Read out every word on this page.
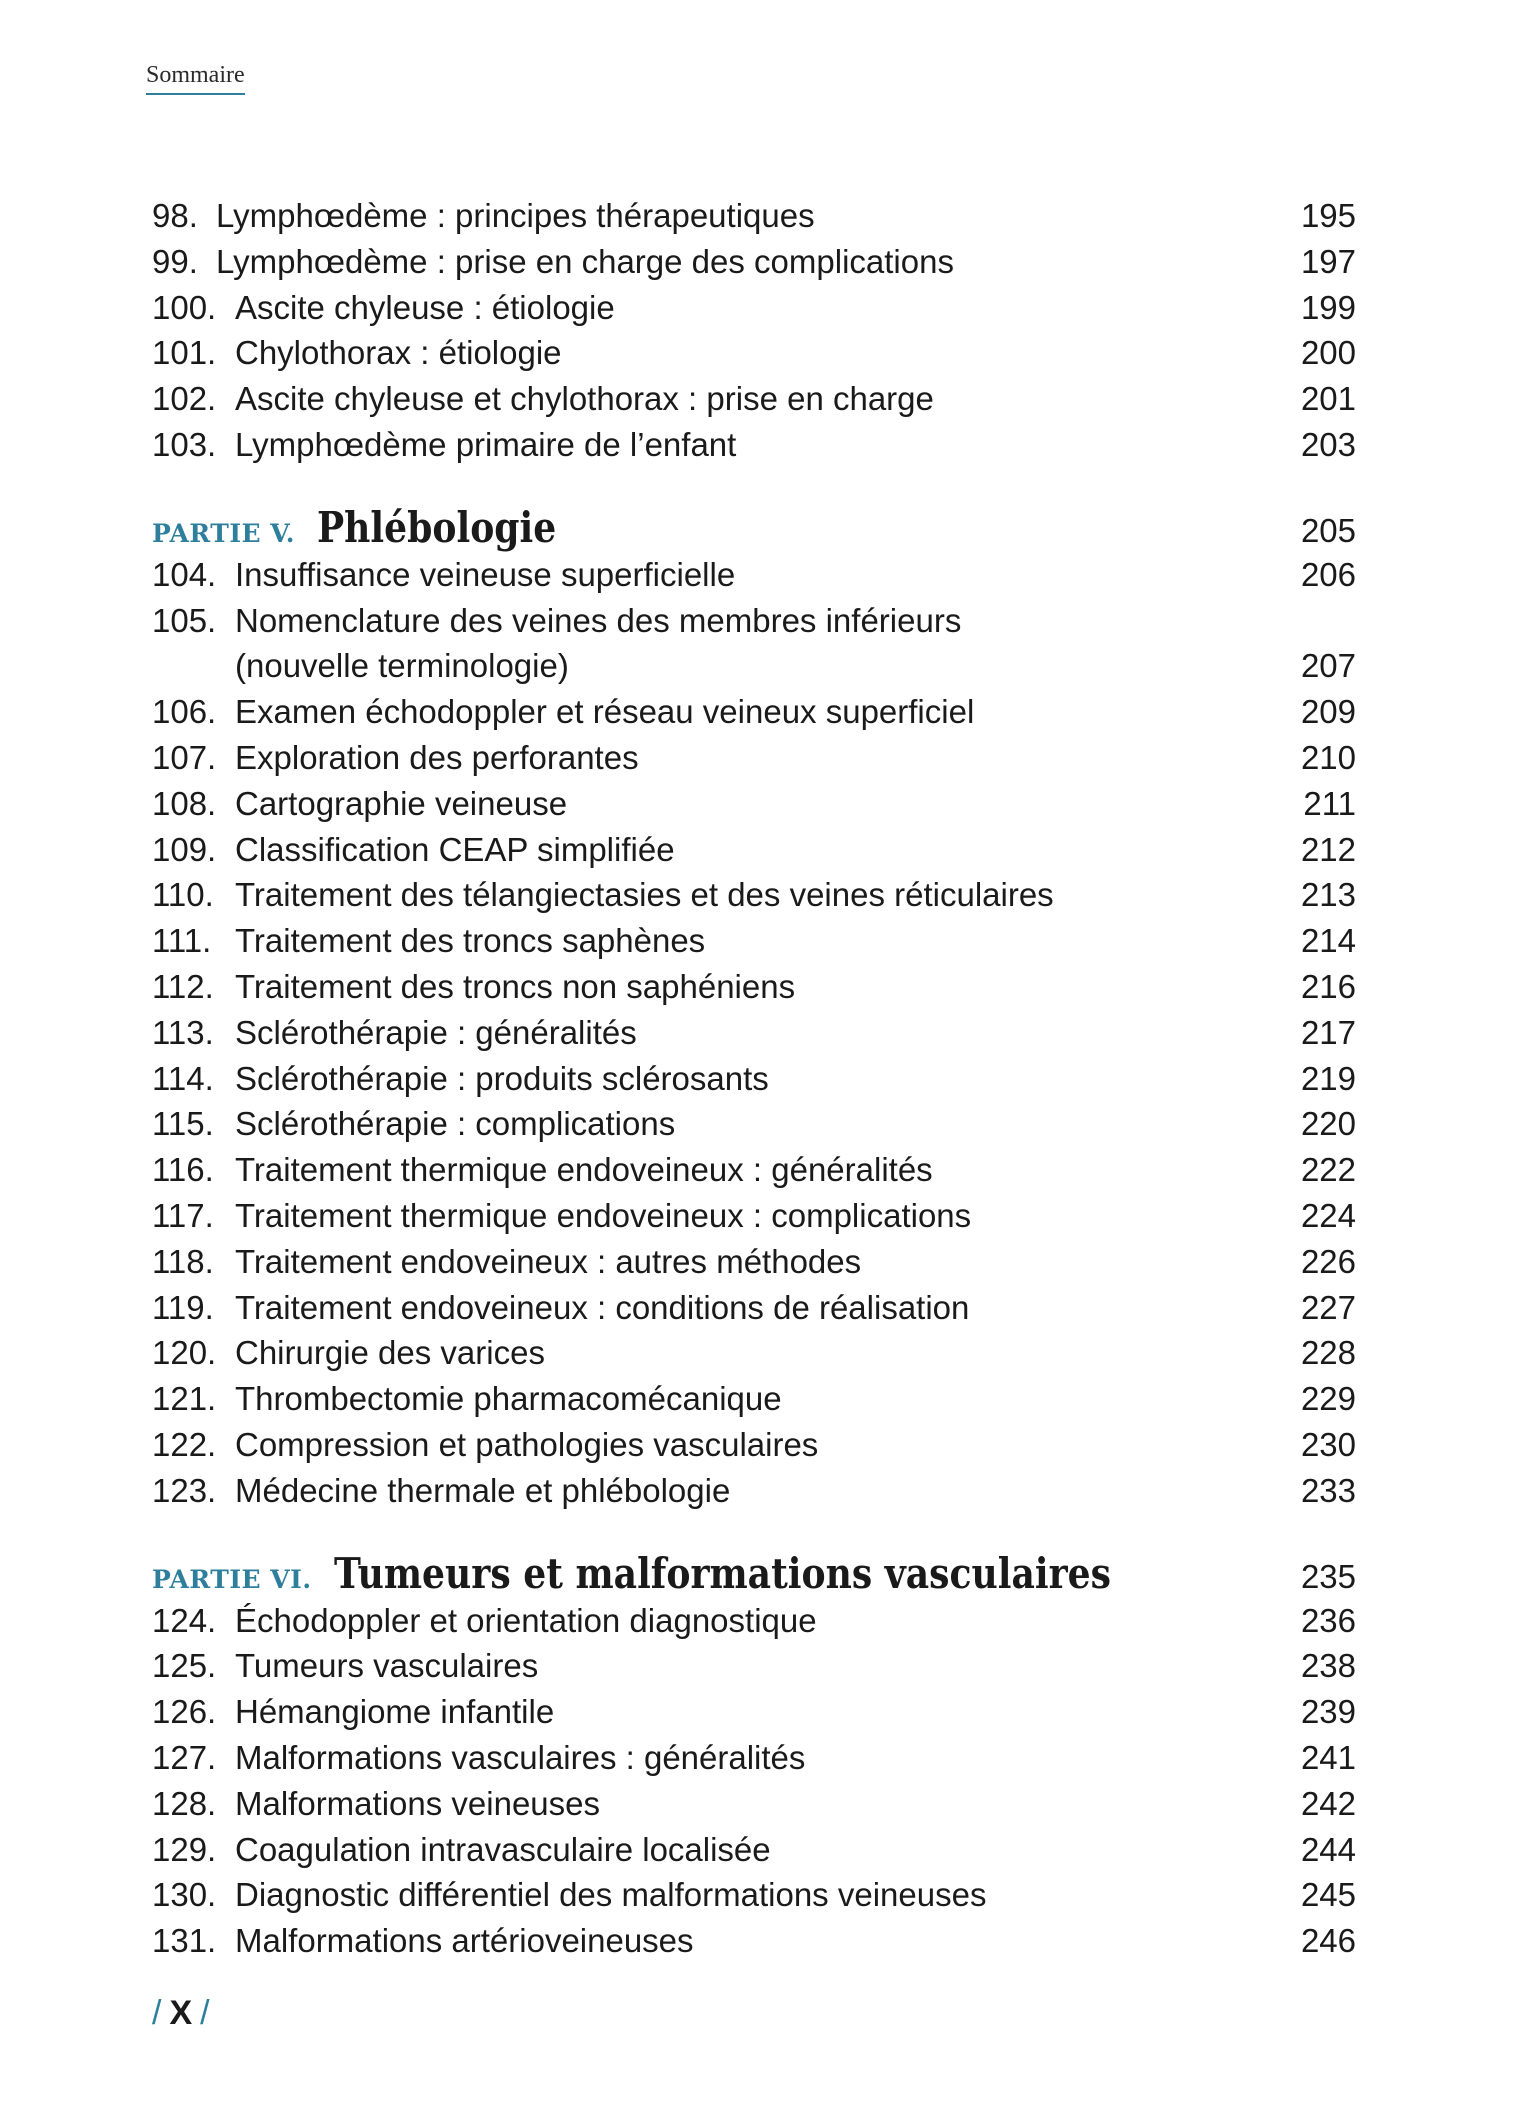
Sommaire
98. Lymphœdème : principes thérapeutiques	195
99. Lymphœdème : prise en charge des complications	197
100. Ascite chyleuse : étiologie	199
101. Chylothorax : étiologie	200
102. Ascite chyleuse et chylothorax : prise en charge	201
103. Lymphœdème primaire de l’enfant	203
PARTIE V. Phlébologie	205
104. Insuffisance veineuse superficielle	206
105. Nomenclature des veines des membres inférieurs
(nouvelle terminologie)	207
106. Examen échodoppler et réseau veineux superficiel	209
107. Exploration des perforantes	210
108. Cartographie veineuse	211
109. Classification CEAP simplifiée	212
110. Traitement des télangiectasies et des veines réticulaires	213
111. Traitement des troncs saphènes	214
112. Traitement des troncs non saphéniens	216
113. Sclérothérapie : généralités	217
114. Sclérothérapie : produits sclérosants	219
115. Sclérothérapie : complications	220
116. Traitement thermique endoveineux : généralités	222
117. Traitement thermique endoveineux : complications	224
118. Traitement endoveineux : autres méthodes	226
119. Traitement endoveineux : conditions de réalisation	227
120. Chirurgie des varices	228
121. Thrombectomie pharmacomécanique	229
122. Compression et pathologies vasculaires	230
123. Médecine thermale et phlébologie	233
PARTIE VI. Tumeurs et malformations vasculaires	235
124. Échodoppler et orientation diagnostique	236
125. Tumeurs vasculaires	238
126. Hémangiome infantile	239
127. Malformations vasculaires : généralités	241
128. Malformations veineuses	242
129. Coagulation intravasculaire localisée	244
130. Diagnostic différentiel des malformations veineuses	245
131. Malformations artérioveineuses	246
/ X /
